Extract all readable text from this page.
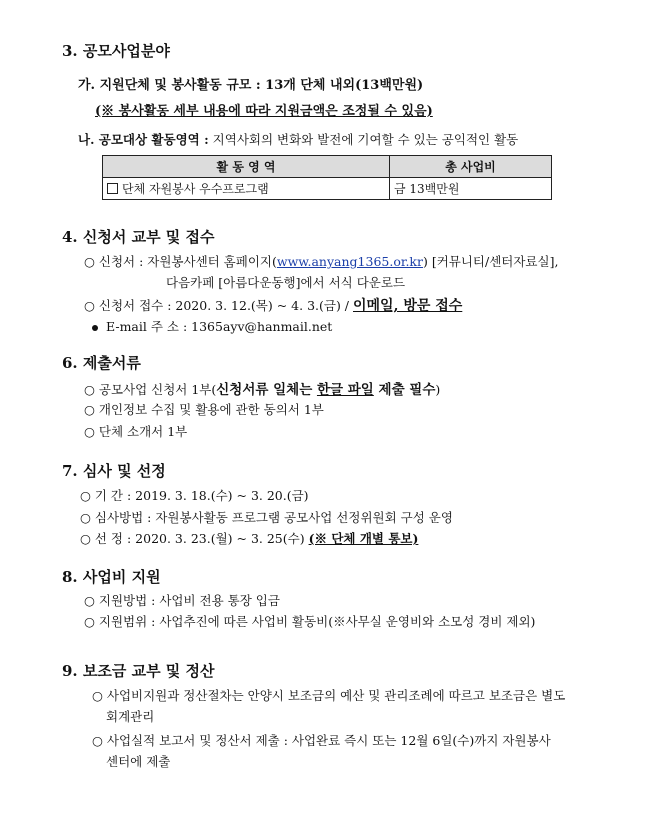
3. 공모사업분야
가. 지원단체 및 봉사활동 규모 : 13개 단체 내외(13백만원)
(※ 봉사활동 세부 내용에 따라 지원금액은 조정될 수 있음)
나. 공모대상 활동영역 : 지역사회의 변화와 발전에 기여할 수 있는 공익적인 활동
활 동 영 역	총 사업비
단체 자원봉사 우수프로그램	금 13백만원
4. 신청서 교부 및 접수
○ 신청서 : 자원봉사센터 홈페이지(www.anyang1365.or.kr) [커뮤니티/센터자료실],
다음카페 [아름다운동행]에서 서식 다운로드
○ 신청서 접수 : 2020. 3. 12.(목) ~ 4. 3.(금) / 이메일, 방문 접수
E-mail 주 소 : 1365ayv@hanmail.net
6. 제출서류
○ 공모사업 신청서 1부(신청서류 일체는 한글 파일 제출 필수)
○ 개인정보 수집 및 활용에 관한 동의서 1부
○ 단체 소개서 1부
7. 심사 및 선정
○ 기 간 : 2019. 3. 18.(수) ~ 3. 20.(금)
○ 심사방법 : 자원봉사활동 프로그램 공모사업 선정위원회 구성 운영
○ 선 정 : 2020. 3. 23.(월) ~ 3. 25(수) (※ 단체 개별 통보)
8. 사업비 지원
○ 지원방법 : 사업비 전용 통장 입금
○ 지원범위 : 사업추진에 따른 사업비 활동비(※사무실 운영비와 소모성 경비 제외)
9. 보조금 교부 및 정산
○ 사업비지원과 정산절차는 안양시 보조금의 예산 및 관리조례에 따르고 보조금은 별도
회계관리
○ 사업실적 보고서 및 정산서 제출 : 사업완료 즉시 또는 12월 6일(수)까지 자원봉사
센터에 제출
